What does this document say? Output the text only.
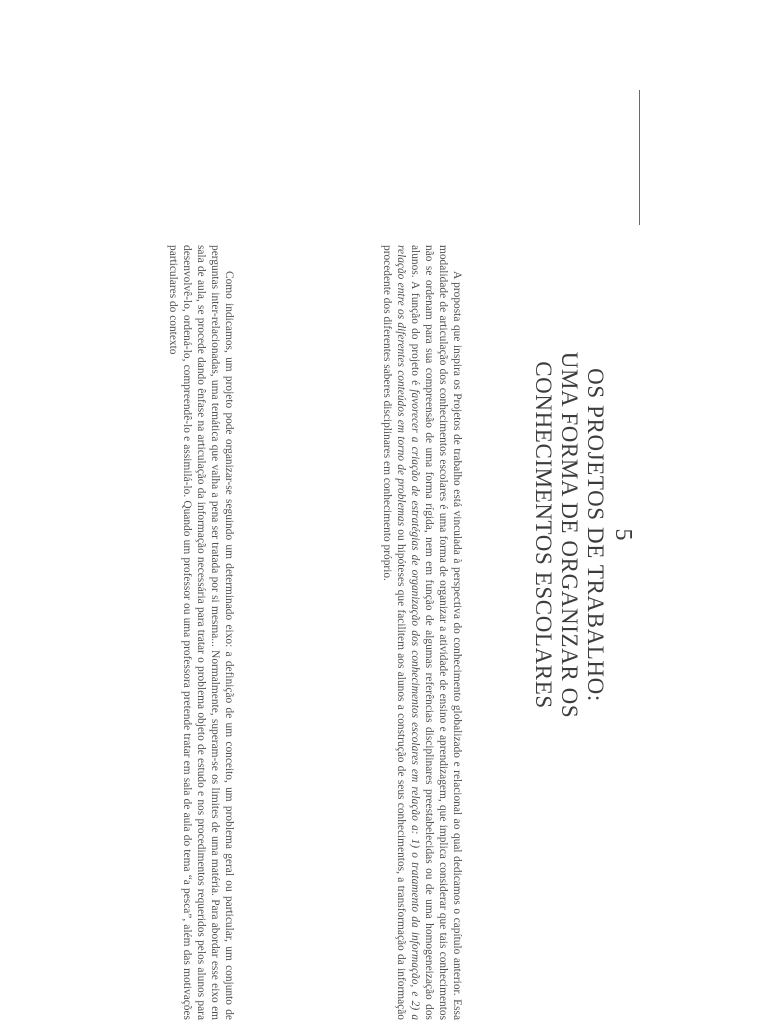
5
OS PROJETOS DE TRABALHO:
UMA FORMA DE ORGANIZAR OS
CONHECIMENTOS ESCOLARES

A proposta que inspira os Projetos de trabalho está vinculada à perspectiva do conhecimento globalizado e relacional ao qual dedicamos o capítulo anterior. Essa modalidade de articulação dos conhecimentos escolares é uma forma de organizar a atividade de ensino e aprendizagem, que implica considerar que tais conhecimentos não se ordenam para sua compreensão de uma forma rígida, nem em função de algumas referências disciplinares preestabelecidas ou de uma homogeneização dos alunos. A função do projeto é favorecer a criação de estratégias de organização dos conhecimentos escolares em relação a: 1) o tratamento da informação, e 2) a relação entre os diferentes conteúdos em torno de problemas ou hipóteses que facilitem aos alunos a construção de seus conhecimentos, a transformação da informação procedente dos diferentes saberes disciplinares em conhecimento próprio.

Como indicamos, um projeto pode organizar-se seguindo um determinado eixo: a definição de um conceito, um problema geral ou particular, um conjunto de perguntas inter-relacionadas, uma temática que valha a pena ser tratada por si mesma... Normalmente, superam-se os limites de uma matéria. Para abordar esse eixo em sala de aula, se procede dando ênfase na articulação da informação necessária para tratar o problema objeto de estudo e nos procedimentos requeridos pelos alunos para desenvolvê-lo, ordená-lo, compreendê-lo e assimilá-lo. Quando um professor ou uma professora pretende tratar em sala de aula do tema “a pesca”, além das motivações particulares do contexto
